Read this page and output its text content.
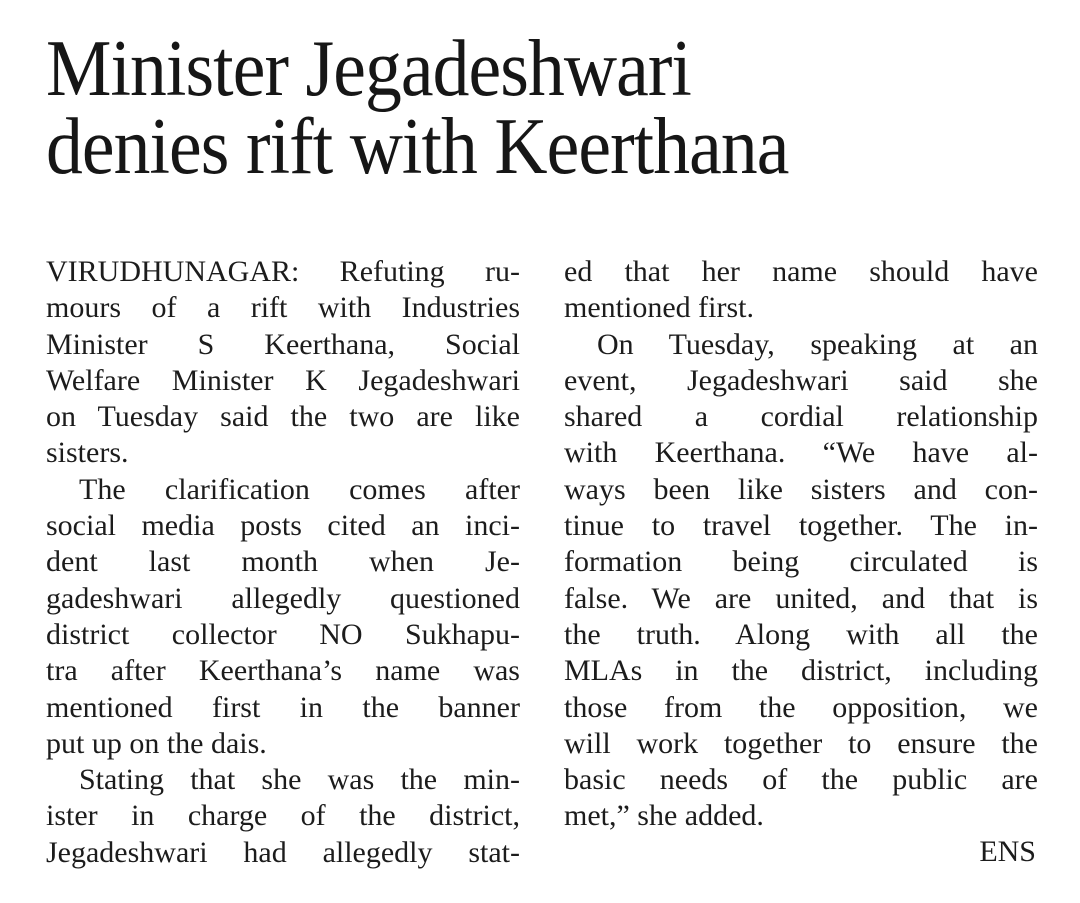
Minister Jegadeshwari
denies rift with Keerthana
VIRUDHUNAGAR: Refuting ru-
mours of a rift with Industries
Minister S Keerthana, Social
Welfare Minister K Jegadeshwari
on Tuesday said the two are like
sisters.
The clarification comes after
social media posts cited an inci-
dent last month when Je-
gadeshwari allegedly questioned
district collector NO Sukhapu-
tra after Keerthana’s name was
mentioned first in the banner
put up on the dais.
Stating that she was the min-
ister in charge of the district,
Jegadeshwari had allegedly stat-
ed that her name should have
mentioned first.
On Tuesday, speaking at an
event, Jegadeshwari said she
shared a cordial relationship
with Keerthana. “We have al-
ways been like sisters and con-
tinue to travel together. The in-
formation being circulated is
false. We are united, and that is
the truth. Along with all the
MLAs in the district, including
those from the opposition, we
will work together to ensure the
basic needs of the public are
met,” she added.
ENS
